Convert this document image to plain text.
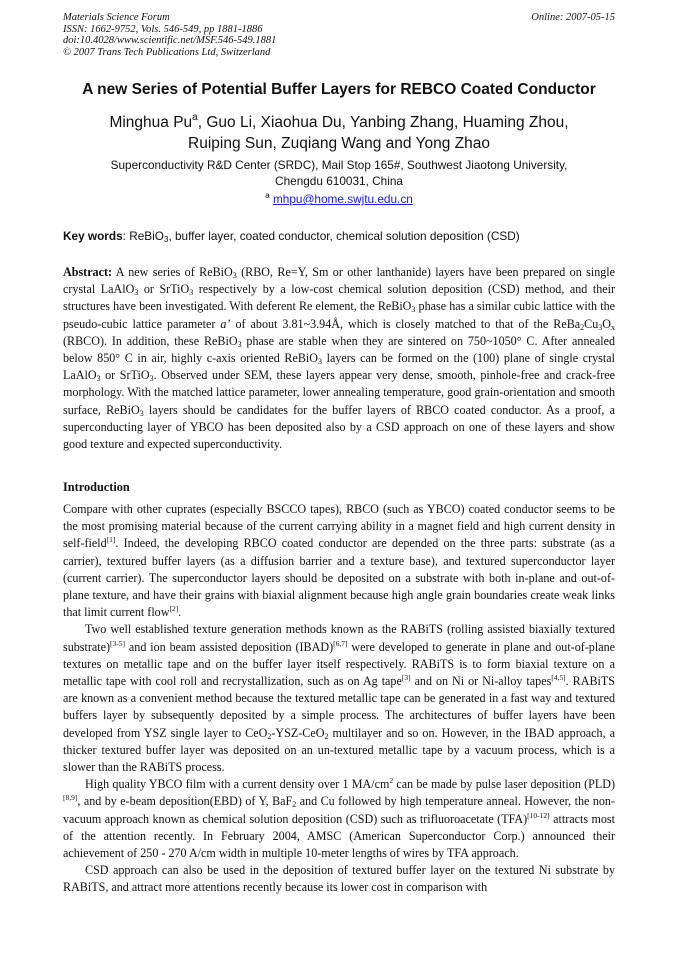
Materials Science Forum
ISSN: 1662-9752, Vols. 546-549, pp 1881-1886
doi:10.4028/www.scientific.net/MSF.546-549.1881
© 2007 Trans Tech Publications Ltd, Switzerland
Online: 2007-05-15
A new Series of Potential Buffer Layers for REBCO Coated Conductor
Minghua Pu$^a$, Guo Li, Xiaohua Du, Yanbing Zhang, Huaming Zhou,
Ruiping Sun, Zuqiang Wang and Yong Zhao
Superconductivity R&D Center (SRDC), Mail Stop 165#, Southwest Jiaotong University,
Chengdu 610031, China
$^a$ mhpu@home.swjtu.edu.cn
Key words: ReBiO$_3$, buffer layer, coated conductor, chemical solution deposition (CSD)

Abstract: A new series of ReBiO$_3$ (RBO, Re=Y, Sm or other lanthanide) layers have been prepared on single crystal LaAlO$_3$ or SrTiO$_3$ respectively by a low-cost chemical solution deposition (CSD) method, and their structures have been investigated. With deferent Re element, the ReBiO$_3$ phase has a similar cubic lattice with the pseudo-cubic lattice parameter a’ of about 3.81~3.94Å, which is closely matched to that of the $ReBa_2Cu_3O_x$ (RBCO). In addition, these ReBiO$_3$ phase are stable when they are sintered on 750~1050° C. After annealed below 850° C in air, highly c-axis oriented ReBiO$_3$ layers can be formed on the (100) plane of single crystal LaAlO$_3$ or SrTiO$_3$. Observed under SEM, these layers appear very dense, smooth, pinhole-free and crack-free morphology. With the matched lattice parameter, lower annealing temperature, good grain-orientation and smooth surface, ReBiO$_3$ layers should be candidates for the buffer layers of RBCO coated conductor. As a proof, a superconducting layer of YBCO has been deposited also by a CSD approach on one of these layers and show good texture and expected superconductivity.

Introduction

Compare with other cuprates (especially BSCCO tapes), RBCO (such as YBCO) coated conductor seems to be the most promising material because of the current carrying ability in a magnet field and high current density in self-field[1]. Indeed, the developing RBCO coated conductor are depended on the three parts: substrate (as a carrier), textured buffer layers (as a diffusion barrier and a texture base), and textured superconductor layer (current carrier). The superconductor layers should be deposited on a substrate with both in-plane and out-of-plane texture, and have their grains with biaxial alignment because high angle grain boundaries create weak links that limit current flow[2].

Two well established texture generation methods known as the RABiTS (rolling assisted biaxially textured substrate)[3-5] and ion beam assisted deposition (IBAD)[6,7] were developed to generate in plane and out-of-plane textures on metallic tape and on the buffer layer itself respectively. RABiTS is to form biaxial texture on a metallic tape with cool roll and recrystallization, such as on Ag tape[3] and on Ni or Ni-alloy tapes[4,5]. RABiTS are known as a convenient method because the textured metallic tape can be generated in a fast way and textured buffers layer by subsequently deposited by a simple process. The architectures of buffer layers have been developed from YSZ single layer to CeO$_2$-YSZ-CeO$_2$ multilayer and so on. However, in the IBAD approach, a thicker textured buffer layer was deposited on an un-textured metallic tape by a vacuum process, which is a slower than the RABiTS process.

High quality YBCO film with a current density over 1 $MA/cm^2$ can be made by pulse laser deposition (PLD)[8,9], and by e-beam deposition(EBD) of Y, BaF$_2$ and Cu followed by high temperature anneal. However, the non-vacuum approach known as chemical solution deposition (CSD) such as trifluoroacetate (TFA)[10-12] attracts most of the attention recently. In February 2004, AMSC (American Superconductor Corp.) announced their achievement of 250 - 270 A/cm width in multiple 10-meter lengths of wires by TFA approach.

CSD approach can also be used in the deposition of textured buffer layer on the textured Ni substrate by RABiTS, and attract more attentions recently because its lower cost in comparison with
